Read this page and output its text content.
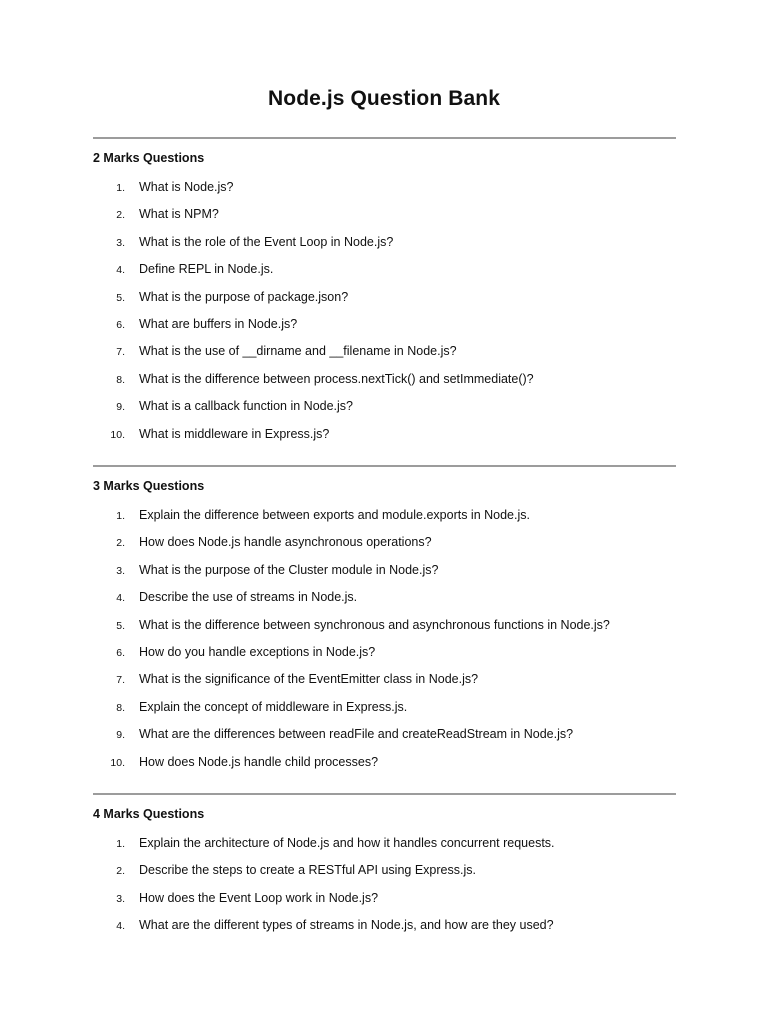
Node.js Question Bank
2 Marks Questions
1. What is Node.js?
2. What is NPM?
3. What is the role of the Event Loop in Node.js?
4. Define REPL in Node.js.
5. What is the purpose of package.json?
6. What are buffers in Node.js?
7. What is the use of __dirname and __filename in Node.js?
8. What is the difference between process.nextTick() and setImmediate()?
9. What is a callback function in Node.js?
10. What is middleware in Express.js?
3 Marks Questions
1. Explain the difference between exports and module.exports in Node.js.
2. How does Node.js handle asynchronous operations?
3. What is the purpose of the Cluster module in Node.js?
4. Describe the use of streams in Node.js.
5. What is the difference between synchronous and asynchronous functions in Node.js?
6. How do you handle exceptions in Node.js?
7. What is the significance of the EventEmitter class in Node.js?
8. Explain the concept of middleware in Express.js.
9. What are the differences between readFile and createReadStream in Node.js?
10. How does Node.js handle child processes?
4 Marks Questions
1. Explain the architecture of Node.js and how it handles concurrent requests.
2. Describe the steps to create a RESTful API using Express.js.
3. How does the Event Loop work in Node.js?
4. What are the different types of streams in Node.js, and how are they used?
